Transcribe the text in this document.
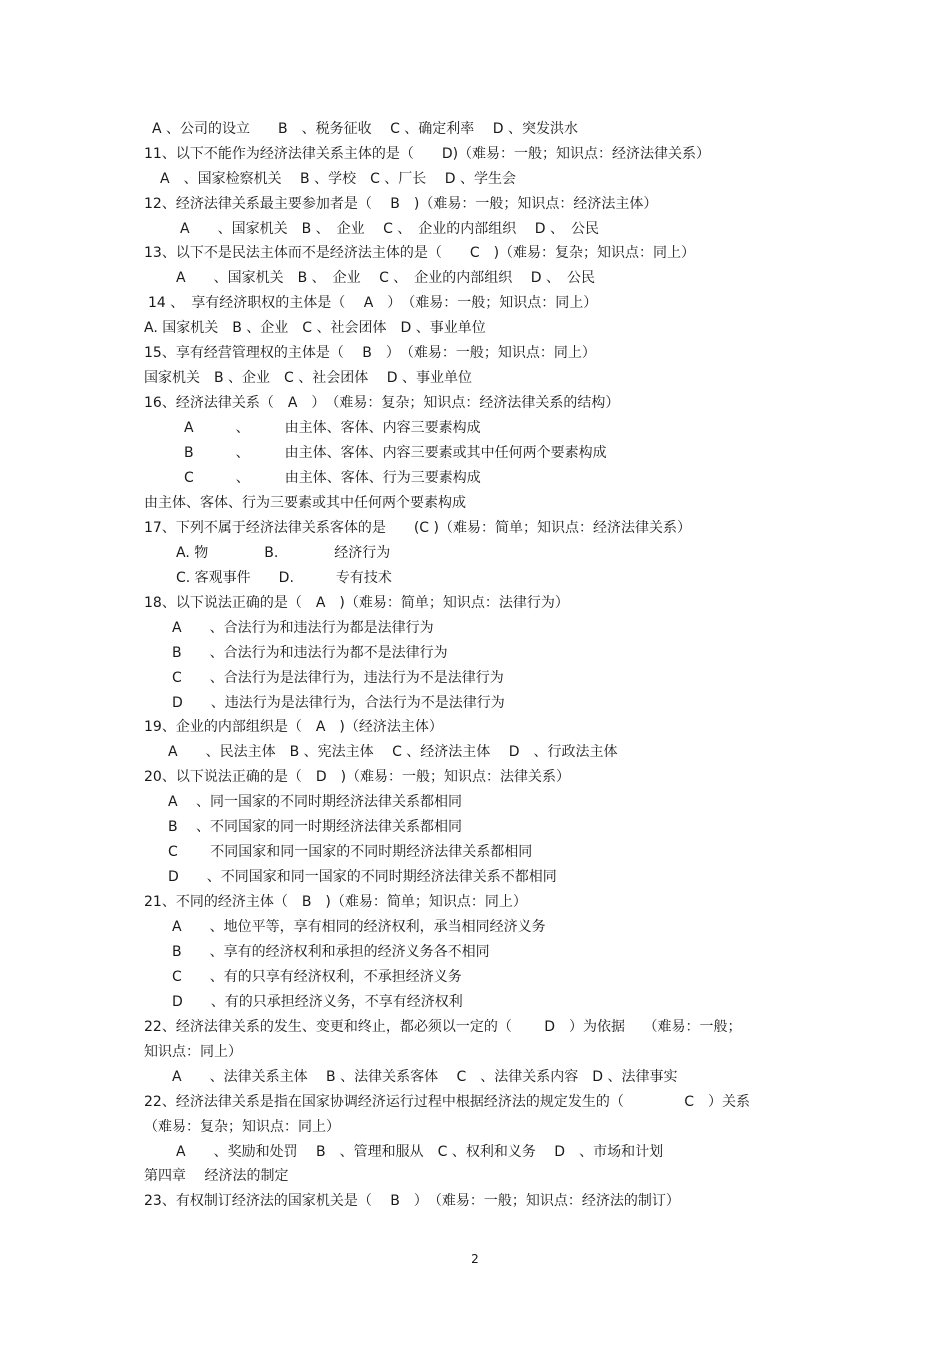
A 、公司的设立　　B　、税务征收　 C 、确定利率　 D 、突发洪水
11、以下不能作为经济法律关系主体的是（　　D)（难易：一般；知识点：经济法律关系）
A　、国家检察机关　 B 、学校　C 、厂长　 D 、学生会
12、经济法律关系最主要参加者是（　 B　)（难易：一般；知识点：经济法主体）
A　　、国家机关　B 、　企业　 C 、　企业的内部组织　 D 、　公民
13、以下不是民法主体而不是经济法主体的是（　　C　)（难易：复杂；知识点：同上）
A　　、国家机关　B 、　企业　 C 、　企业的内部组织　 D 、　公民
14 、　享有经济职权的主体是（　 A　）　（难易：一般；知识点：同上）
A. 国家机关　B 、企业　C 、社会团体　D 、事业单位
15、享有经营管理权的主体是（　 B　）　（难易：一般；知识点：同上）
国家机关　B 、企业　C 、社会团体　 D 、事业单位
16、经济法律关系（　A　）　（难易：复杂；知识点：经济法律关系的结构）
A　　　、　　　由主体、客体、内容三要素构成
B　　　、　　　由主体、客体、内容三要素或其中任何两个要素构成
C　　　、　　　由主体、客体、行为三要素构成
由主体、客体、行为三要素或其中任何两个要素构成
17、下列不属于经济法律关系客体的是　　(C )（难易：简单；知识点：经济法律关系）
A. 物　　　　B.　　　　经济行为
C. 客观事件　　D.　　　专有技术
18、以下说法正确的是（　A　)（难易：简单；知识点：法律行为）
A　　、合法行为和违法行为都是法律行为
B　　、合法行为和违法行为都不是法律行为
C　　、合法行为是法律行为，违法行为不是法律行为
D　　、违法行为是法律行为，合法行为不是法律行为
19、企业的内部组织是（　A　)（经济法主体）
A　　、民法主体　B 、宪法主体　 C 、经济法主体　 D　、行政法主体
20、以下说法正确的是（　D　)（难易：一般；知识点：法律关系）
A　 、同一国家的不同时期经济法律关系都相同
B　 、不同国家的同一时期经济法律关系都相同
C　　 不同国家和同一国家的不同时期经济法律关系都相同
D　　、不同国家和同一国家的不同时期经济法律关系不都相同
21、不同的经济主体（　B　)（难易：简单；知识点：同上）
A　　、地位平等，享有相同的经济权利，承当相同经济义务
B　　、享有的经济权利和承担的经济义务各不相同
C　　、有的只享有经济权利，不承担经济义务
D　　、有的只承担经济义务，不享有经济权利
22、经济法律关系的发生、变更和终止，都必须以一定的（　　 D　）为依据　 （难易：一般；
知识点：同上）
A　　、法律关系主体　 B 、法律关系客体　 C　、法律关系内容　D 、法律事实
22、经济法律关系是指在国家协调经济运行过程中根据经济法的规定发生的（　　　　 C　）关系
（难易：复杂；知识点：同上）
A　　、奖励和处罚　 B　、管理和服从　C 、权利和义务　 D　、市场和计划
第四章　 经济法的制定
23、有权制订经济法的国家机关是（　 B　）　（难易：一般；知识点：经济法的制订）
2
